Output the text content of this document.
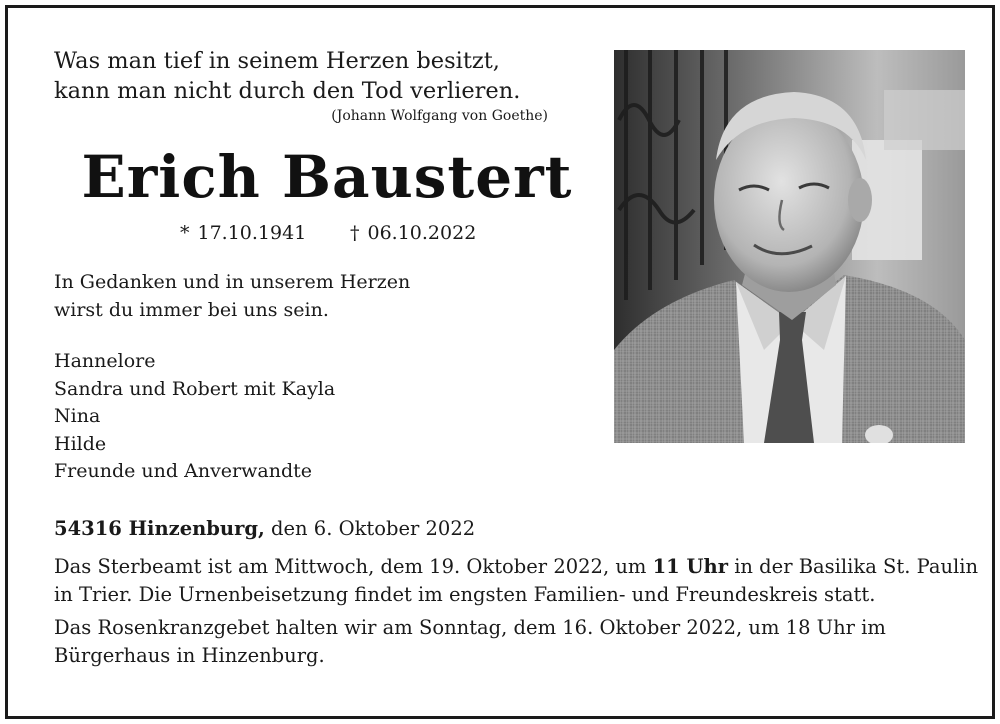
Was man tief in seinem Herzen besitzt,
kann man nicht durch den Tod verlieren.
(Johann Wolfgang von Goethe)
Erich Baustert
* 17.10.1941 † 06.10.2022
In Gedanken und in unserem Herzen
wirst du immer bei uns sein.
Hannelore
Sandra und Robert mit Kayla
Nina
Hilde
Freunde und Anverwandte
54316 Hinzenburg, den 6. Oktober 2022

Das Sterbeamt ist am Mittwoch, dem 19. Oktober 2022, um 11 Uhr in der Basilika St. Paulin in Trier. Die Urnenbeisetzung findet im engsten Familien- und Freundeskreis statt.

Das Rosenkranzgebet halten wir am Sonntag, dem 16. Oktober 2022, um 18 Uhr im Bürgerhaus in Hinzenburg.
